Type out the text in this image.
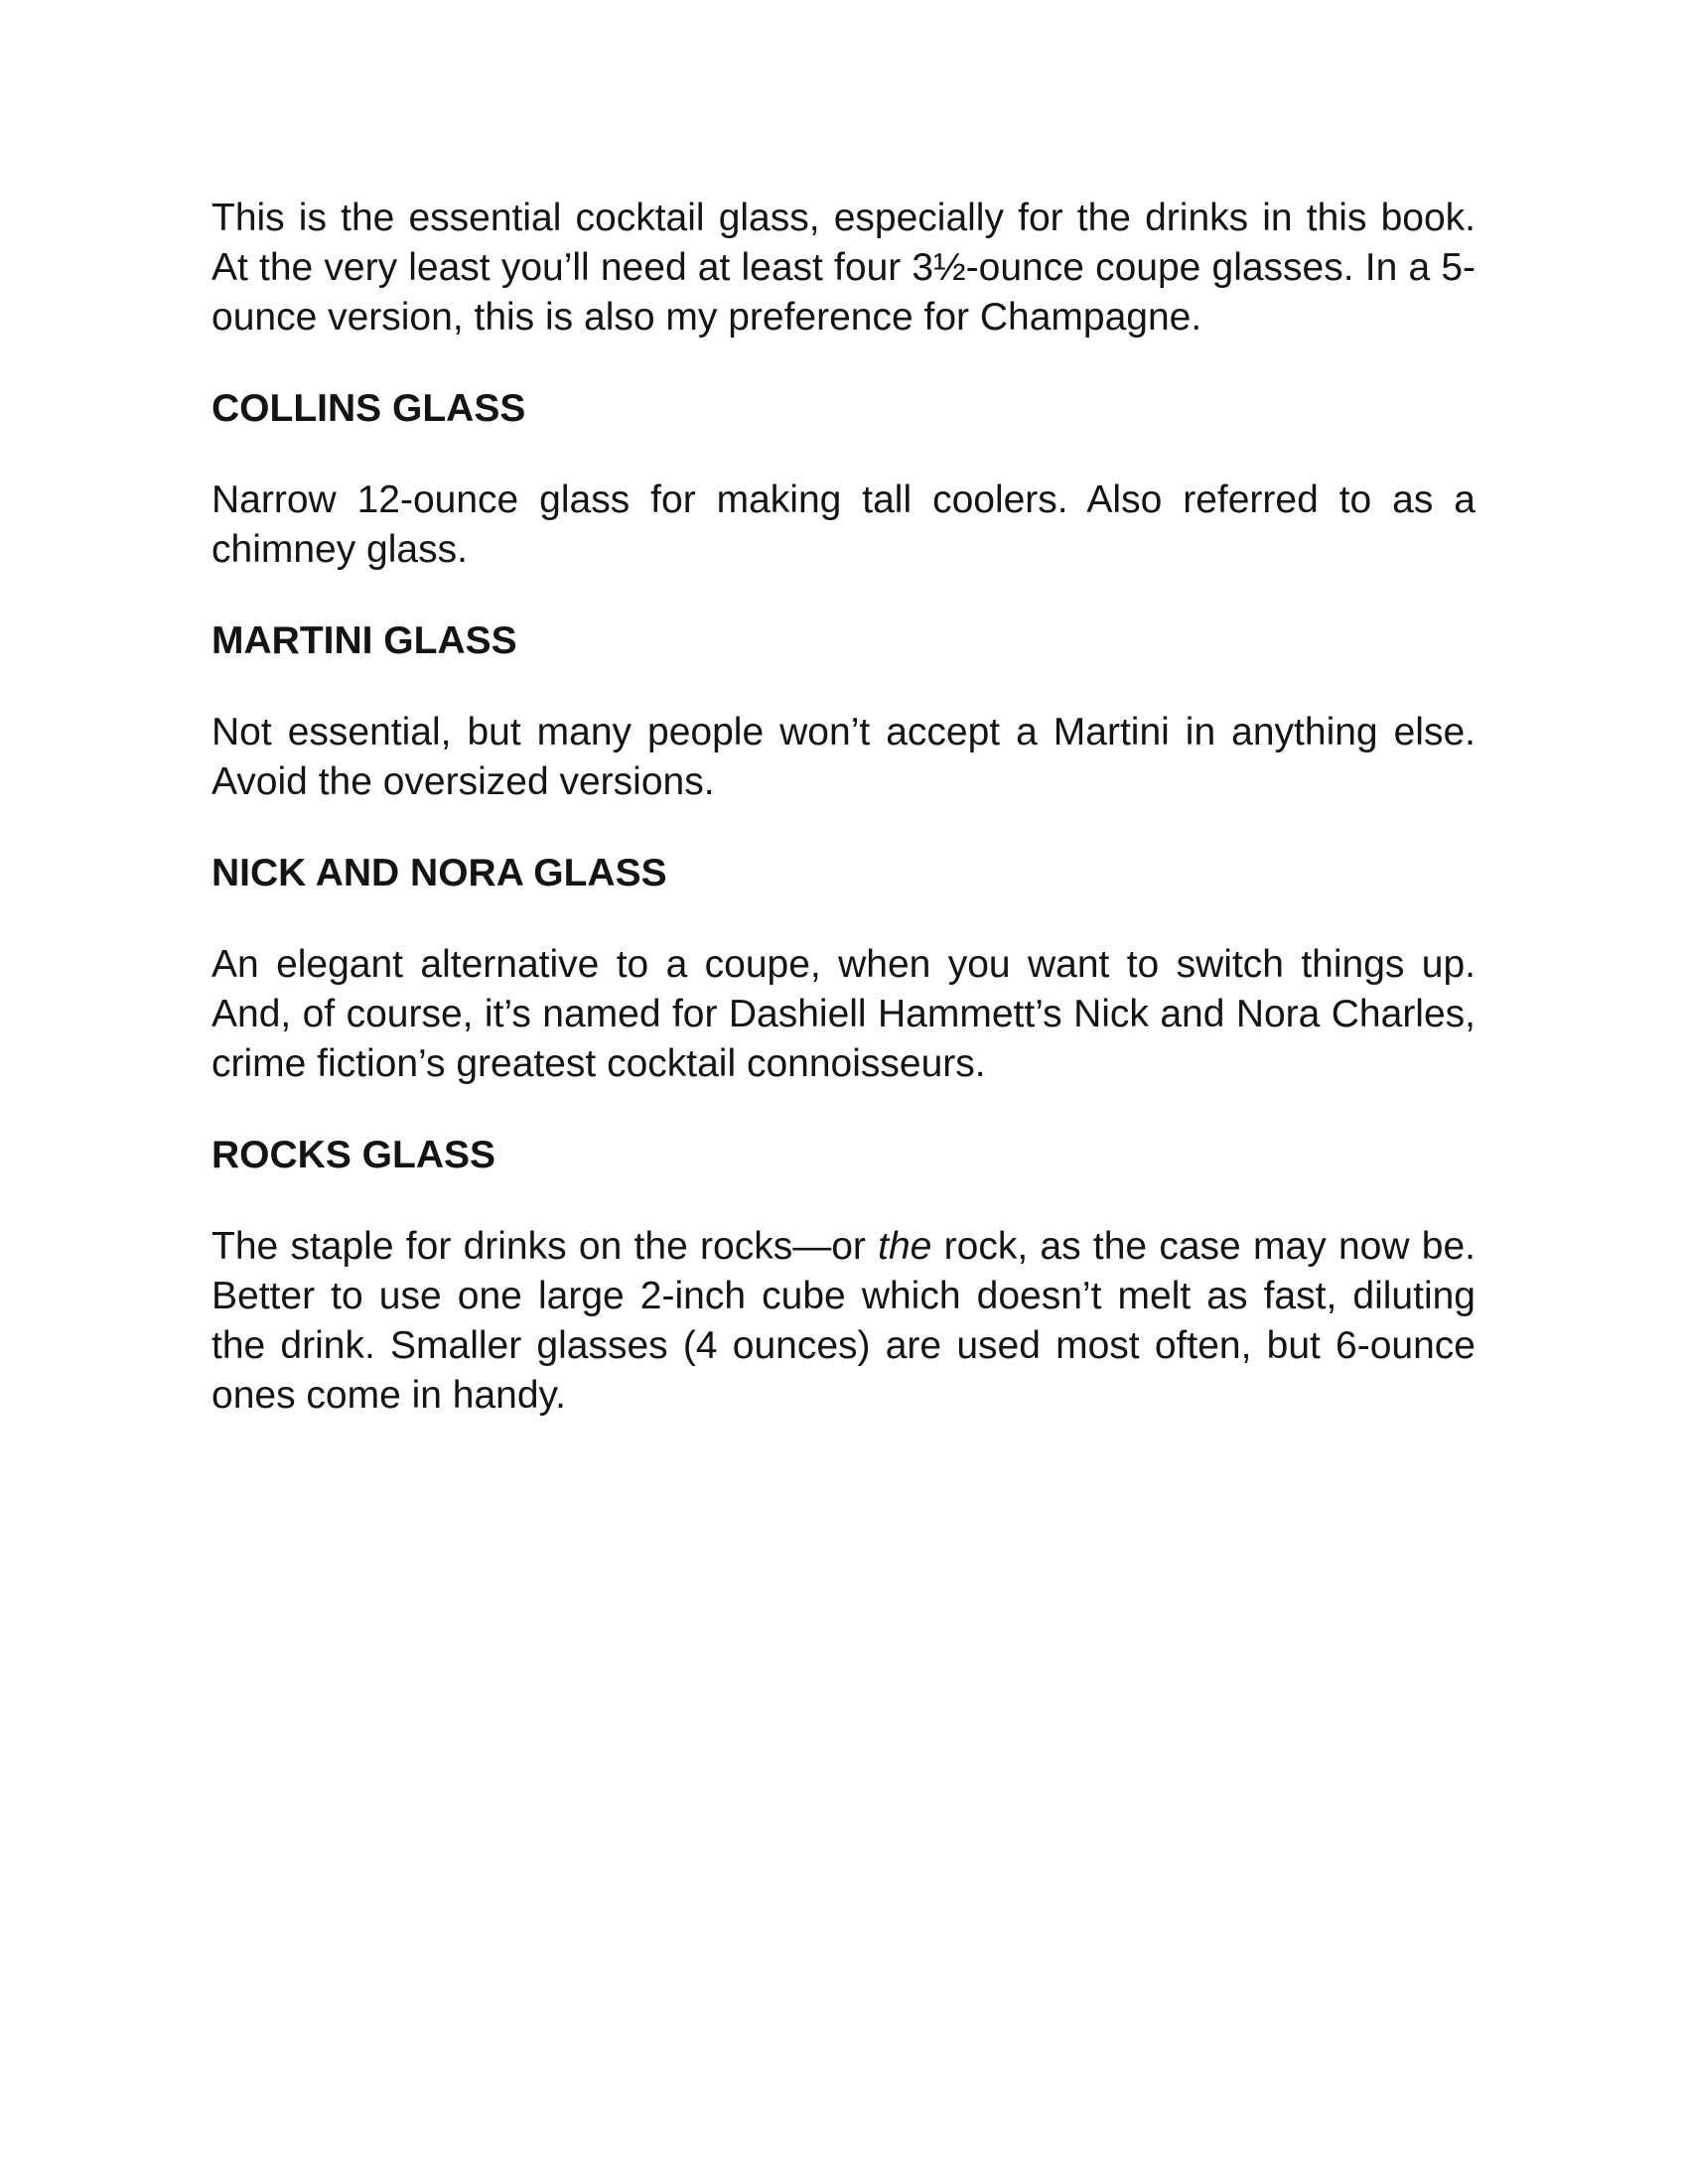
This is the essential cocktail glass, especially for the drinks in this book. At the very least you’ll need at least four 3½-ounce coupe glasses. In a 5-ounce version, this is also my preference for Champagne.

COLLINS GLASS

Narrow 12-ounce glass for making tall coolers. Also referred to as a chimney glass.

MARTINI GLASS

Not essential, but many people won’t accept a Martini in anything else. Avoid the oversized versions.

NICK AND NORA GLASS

An elegant alternative to a coupe, when you want to switch things up. And, of course, it’s named for Dashiell Hammett’s Nick and Nora Charles, crime fiction’s greatest cocktail connoisseurs.

ROCKS GLASS

The staple for drinks on the rocks—or the rock, as the case may now be. Better to use one large 2-inch cube which doesn’t melt as fast, diluting the drink. Smaller glasses (4 ounces) are used most often, but 6-ounce ones come in handy.
